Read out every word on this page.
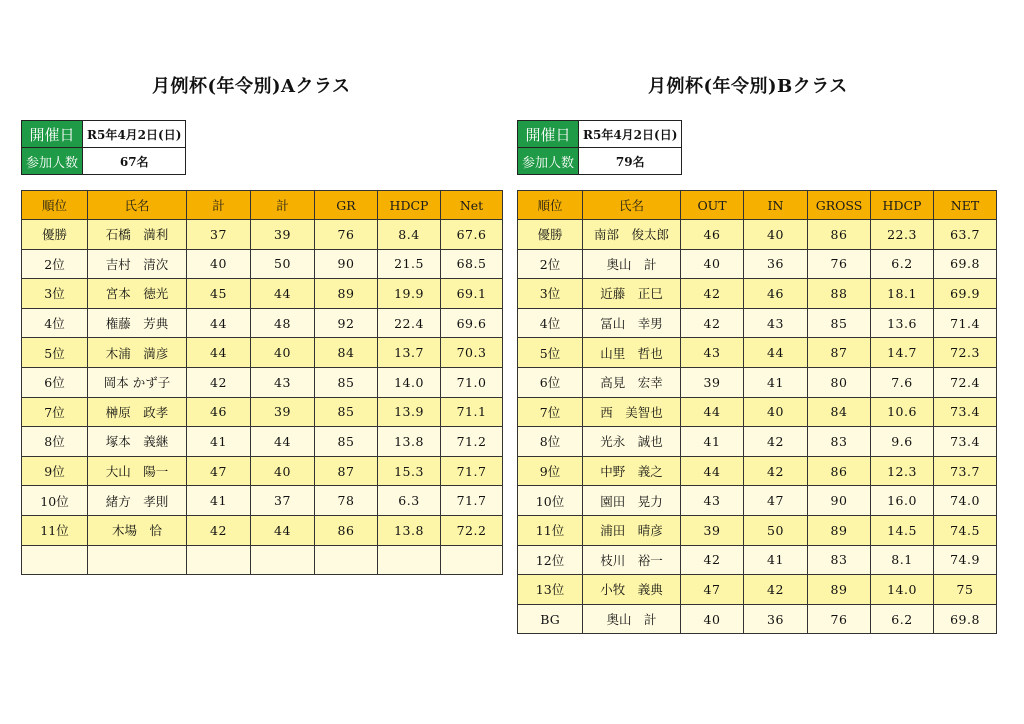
月例杯(年令別)Aクラス
開催日	R5年4月2日(日)
参加人数	67名
順位	氏名	計	計	GR	HDCP	Net
優勝	石橋　満利	37	39	76	8.4	67.6
2位	吉村　清次	40	50	90	21.5	68.5
3位	宮本　徳光	45	44	89	19.9	69.1
4位	権藤　芳典	44	48	92	22.4	69.6
5位	木浦　満彦	44	40	84	13.7	70.3
6位	岡本 かず子	42	43	85	14.0	71.0
7位	榊原　政孝	46	39	85	13.9	71.1
8位	塚本　義継	41	44	85	13.8	71.2
9位	大山　陽一	47	40	87	15.3	71.7
10位	緒方　孝則	41	37	78	6.3	71.7
11位	木場　恰	42	44	86	13.8	72.2

月例杯(年令別)Bクラス
開催日	R5年4月2日(日)
参加人数	79名
順位	氏名	OUT	IN	GROSS	HDCP	NET
優勝	南部　俊太郎	46	40	86	22.3	63.7
2位	奥山　計	40	36	76	6.2	69.8
3位	近藤　正巳	42	46	88	18.1	69.9
4位	冨山　幸男	42	43	85	13.6	71.4
5位	山里　哲也	43	44	87	14.7	72.3
6位	高見　宏幸	39	41	80	7.6	72.4
7位	西　美智也	44	40	84	10.6	73.4
8位	光永　誠也	41	42	83	9.6	73.4
9位	中野　義之	44	42	86	12.3	73.7
10位	園田　晃力	43	47	90	16.0	74.0
11位	浦田　晴彦	39	50	89	14.5	74.5
12位	枝川　裕一	42	41	83	8.1	74.9
13位	小牧　義典	47	42	89	14.0	75
BG	奥山　計	40	36	76	6.2	69.8
